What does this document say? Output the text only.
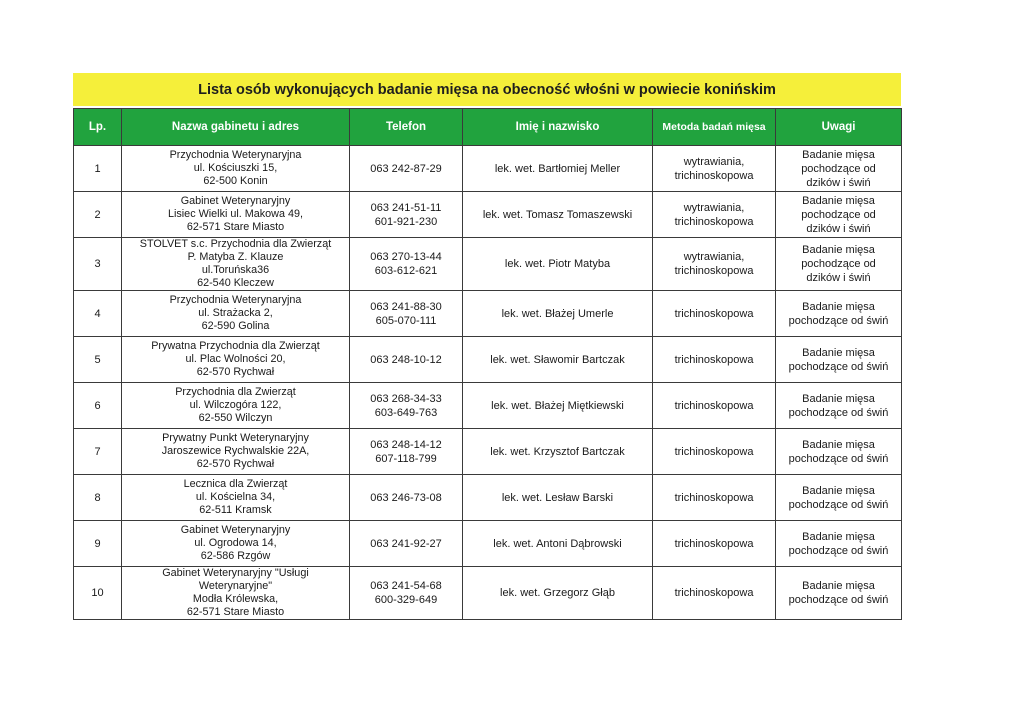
Lista osób wykonujących badanie mięsa na obecność włośni w powiecie konińskim
Lp.	Nazwa gabinetu i adres	Telefon	Imię i nazwisko	Metoda badań mięsa	Uwagi
1	Przychodnia Weterynaryjna
ul. Kościuszki 15,
62-500 Konin	063 242-87-29	lek. wet. Bartłomiej Meller	wytrawiania,
trichinoskopowa	Badanie mięsa
pochodzące od
dzików i świń
2	Gabinet Weterynaryjny
Lisiec Wielki ul. Makowa 49,
62-571 Stare Miasto	063 241-51-11
601-921-230	lek. wet. Tomasz Tomaszewski	wytrawiania,
trichinoskopowa	Badanie mięsa
pochodzące od
dzików i świń
3	STOLVET s.c. Przychodnia dla Zwierząt
P. Matyba Z. Klauze
ul.Toruńska36
62-540 Kleczew	063 270-13-44
603-612-621	lek. wet. Piotr Matyba	wytrawiania,
trichinoskopowa	Badanie mięsa
pochodzące od
dzików i świń
4	Przychodnia Weterynaryjna
ul. Strażacka 2,
62-590 Golina	063 241-88-30
605-070-111	lek. wet. Błażej Umerle	trichinoskopowa	Badanie mięsa
pochodzące od świń
5	Prywatna Przychodnia dla Zwierząt
ul. Plac Wolności 20,
62-570 Rychwał	063 248-10-12	lek. wet. Sławomir Bartczak	trichinoskopowa	Badanie mięsa
pochodzące od świń
6	Przychodnia dla Zwierząt
ul. Wilczogóra 122,
62-550 Wilczyn	063 268-34-33
603-649-763	lek. wet. Błażej Miętkiewski	trichinoskopowa	Badanie mięsa
pochodzące od świń
7	Prywatny Punkt Weterynaryjny
Jaroszewice Rychwalskie 22A,
62-570 Rychwał	063 248-14-12
607-118-799	lek. wet. Krzysztof Bartczak	trichinoskopowa	Badanie mięsa
pochodzące od świń
8	Lecznica dla Zwierząt
ul. Kościelna 34,
62-511 Kramsk	063 246-73-08	lek. wet. Lesław Barski	trichinoskopowa	Badanie mięsa
pochodzące od świń
9	Gabinet Weterynaryjny
ul. Ogrodowa 14,
62-586 Rzgów	063 241-92-27	lek. wet. Antoni Dąbrowski	trichinoskopowa	Badanie mięsa
pochodzące od świń
10	Gabinet Weterynaryjny "Usługi
Weterynaryjne"
Modła Królewska,
62-571 Stare Miasto	063 241-54-68
600-329-649	lek. wet. Grzegorz Głąb	trichinoskopowa	Badanie mięsa
pochodzące od świń
